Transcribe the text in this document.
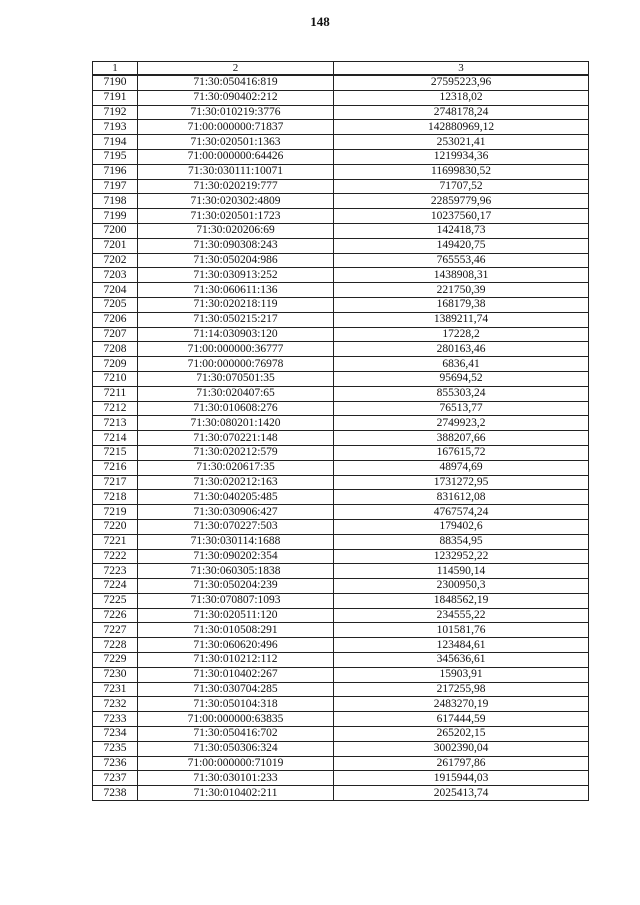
148
1	2	3
7190	71:30:050416:819	27595223,96
7191	71:30:090402:212	12318,02
7192	71:30:010219:3776	2748178,24
7193	71:00:000000:71837	142880969,12
7194	71:30:020501:1363	253021,41
7195	71:00:000000:64426	1219934,36
7196	71:30:030111:10071	11699830,52
7197	71:30:020219:777	71707,52
7198	71:30:020302:4809	22859779,96
7199	71:30:020501:1723	10237560,17
7200	71:30:020206:69	142418,73
7201	71:30:090308:243	149420,75
7202	71:30:050204:986	765553,46
7203	71:30:030913:252	1438908,31
7204	71:30:060611:136	221750,39
7205	71:30:020218:119	168179,38
7206	71:30:050215:217	1389211,74
7207	71:14:030903:120	17228,2
7208	71:00:000000:36777	280163,46
7209	71:00:000000:76978	6836,41
7210	71:30:070501:35	95694,52
7211	71:30:020407:65	855303,24
7212	71:30:010608:276	76513,77
7213	71:30:080201:1420	2749923,2
7214	71:30:070221:148	388207,66
7215	71:30:020212:579	167615,72
7216	71:30:020617:35	48974,69
7217	71:30:020212:163	1731272,95
7218	71:30:040205:485	831612,08
7219	71:30:030906:427	4767574,24
7220	71:30:070227:503	179402,6
7221	71:30:030114:1688	88354,95
7222	71:30:090202:354	1232952,22
7223	71:30:060305:1838	114590,14
7224	71:30:050204:239	2300950,3
7225	71:30:070807:1093	1848562,19
7226	71:30:020511:120	234555,22
7227	71:30:010508:291	101581,76
7228	71:30:060620:496	123484,61
7229	71:30:010212:112	345636,61
7230	71:30:010402:267	15903,91
7231	71:30:030704:285	217255,98
7232	71:30:050104:318	2483270,19
7233	71:00:000000:63835	617444,59
7234	71:30:050416:702	265202,15
7235	71:30:050306:324	3002390,04
7236	71:00:000000:71019	261797,86
7237	71:30:030101:233	1915944,03
7238	71:30:010402:211	2025413,74
